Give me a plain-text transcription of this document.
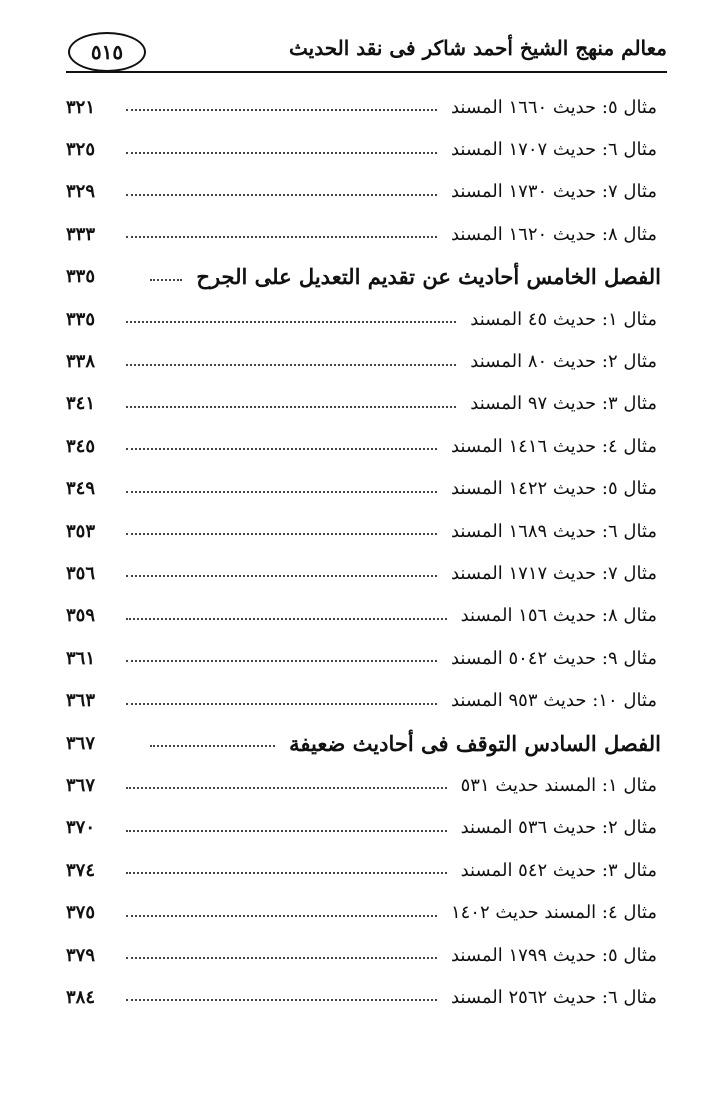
٥١٥	معالم منهج الشيخ أحمد شاكر فى نقد الحديث
مثال ٥: حديث ١٦٦٠ المسند
٣٢١
مثال ٦: حديث ١٧٠٧ المسند
٣٢٥
مثال ٧: حديث ١٧٣٠ المسند
٣٢٩
مثال ٨: حديث ١٦٢٠ المسند
٣٣٣
الفصل الخامس أحاديث عن تقديم التعديل على الجرح
٣٣٥
مثال ١: حديث ٤٥ المسند
٣٣٥
مثال ٢: حديث ٨٠ المسند
٣٣٨
مثال ٣: حديث ٩٧ المسند
٣٤١
مثال ٤: حديث ١٤١٦ المسند
٣٤٥
مثال ٥: حديث ١٤٢٢ المسند
٣٤٩
مثال ٦: حديث ١٦٨٩ المسند
٣٥٣
مثال ٧: حديث ١٧١٧ المسند
٣٥٦
مثال ٨: حديث ١٥٦ المسند
٣٥٩
مثال ٩: حديث ٥٠٤٢ المسند
٣٦١
مثال ١٠: حديث ٩٥٣ المسند
٣٦٣
الفصل السادس التوقف فى أحاديث ضعيفة
٣٦٧
مثال ١: المسند حديث ٥٣١
٣٦٧
مثال ٢: حديث ٥٣٦ المسند
٣٧٠
مثال ٣: حديث ٥٤٢ المسند
٣٧٤
مثال ٤: المسند حديث ١٤٠٢
٣٧٥
مثال ٥: حديث ١٧٩٩ المسند
٣٧٩
مثال ٦: حديث ٢٥٦٢ المسند
٣٨٤
